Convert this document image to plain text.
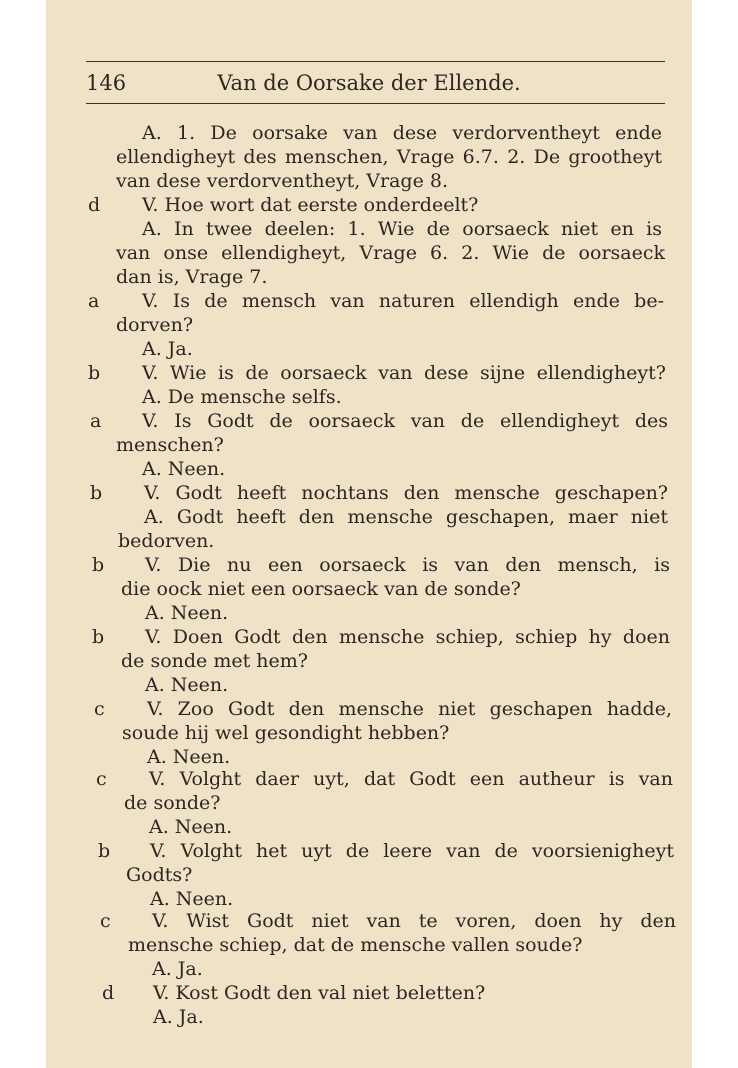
146	Van de Oorsake der Ellende.
A. 1. De oorsake van dese verdorventheyt ende
ellendigheyt des menschen, Vrage 6.7. 2. De grootheyt
van dese verdorventheyt, Vrage 8.
d V. Hoe wort dat eerste onderdeelt?
A. In twee deelen: 1. Wie de oorsaeck niet en is
van onse ellendigheyt, Vrage 6. 2. Wie de oorsaeck
dan is, Vrage 7.
a V. Is de mensch van naturen ellendigh ende be-
dorven?
A. Ja.
b V. Wie is de oorsaeck van dese sijne ellendigheyt?
A. De mensche selfs.
a V. Is Godt de oorsaeck van de ellendigheyt des
menschen?
A. Neen.
b V. Godt heeft nochtans den mensche geschapen?
A. Godt heeft den mensche geschapen, maer niet
bedorven.
b V. Die nu een oorsaeck is van den mensch, is
die oock niet een oorsaeck van de sonde?
A. Neen.
b V. Doen Godt den mensche schiep, schiep hy doen
de sonde met hem?
A. Neen.
c V. Zoo Godt den mensche niet geschapen hadde,
soude hij wel gesondight hebben?
A. Neen.
c V. Volght daer uyt, dat Godt een autheur is van
de sonde?
A. Neen.
b V. Volght het uyt de leere van de voorsienigheyt
Godts?
A. Neen.
c V. Wist Godt niet van te voren, doen hy den
mensche schiep, dat de mensche vallen soude?
A. Ja.
d V. Kost Godt den val niet beletten?
A. Ja.
